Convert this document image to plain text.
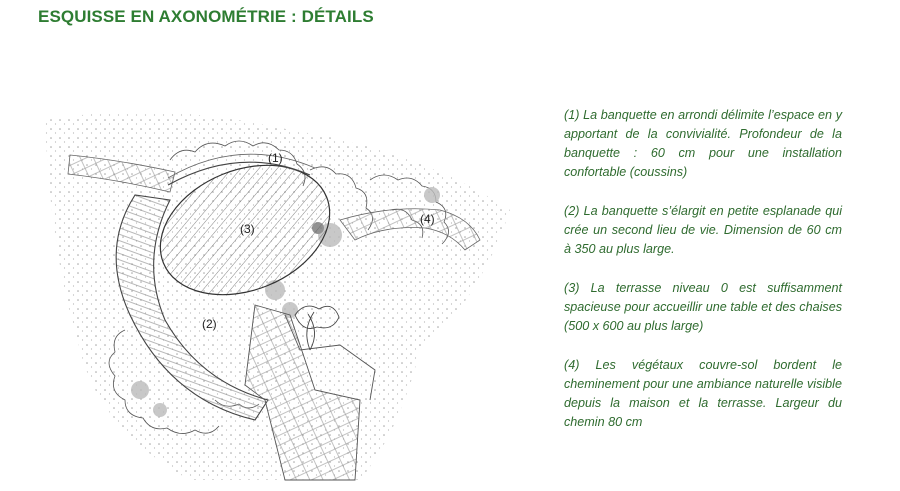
ESQUISSE EN AXONOMÉTRIE : DÉTAILS
(1)
(2)
(3)
(4)

(1) La banquette en arrondi délimite l’espace en y apportant de la convivialité. Profondeur de la banquette : 60 cm pour une installation confortable (coussins)

(2) La banquette s’élargit en petite esplanade qui crée un second lieu de vie. Dimension de 60 cm à 350 au plus large.

(3) La terrasse niveau 0 est suffisamment spacieuse pour accueillir une table et des chaises (500 x 600 au plus large)

(4) Les végétaux couvre-sol bordent le cheminement pour une ambiance naturelle visible depuis la maison et la terrasse. Largeur du chemin 80 cm
